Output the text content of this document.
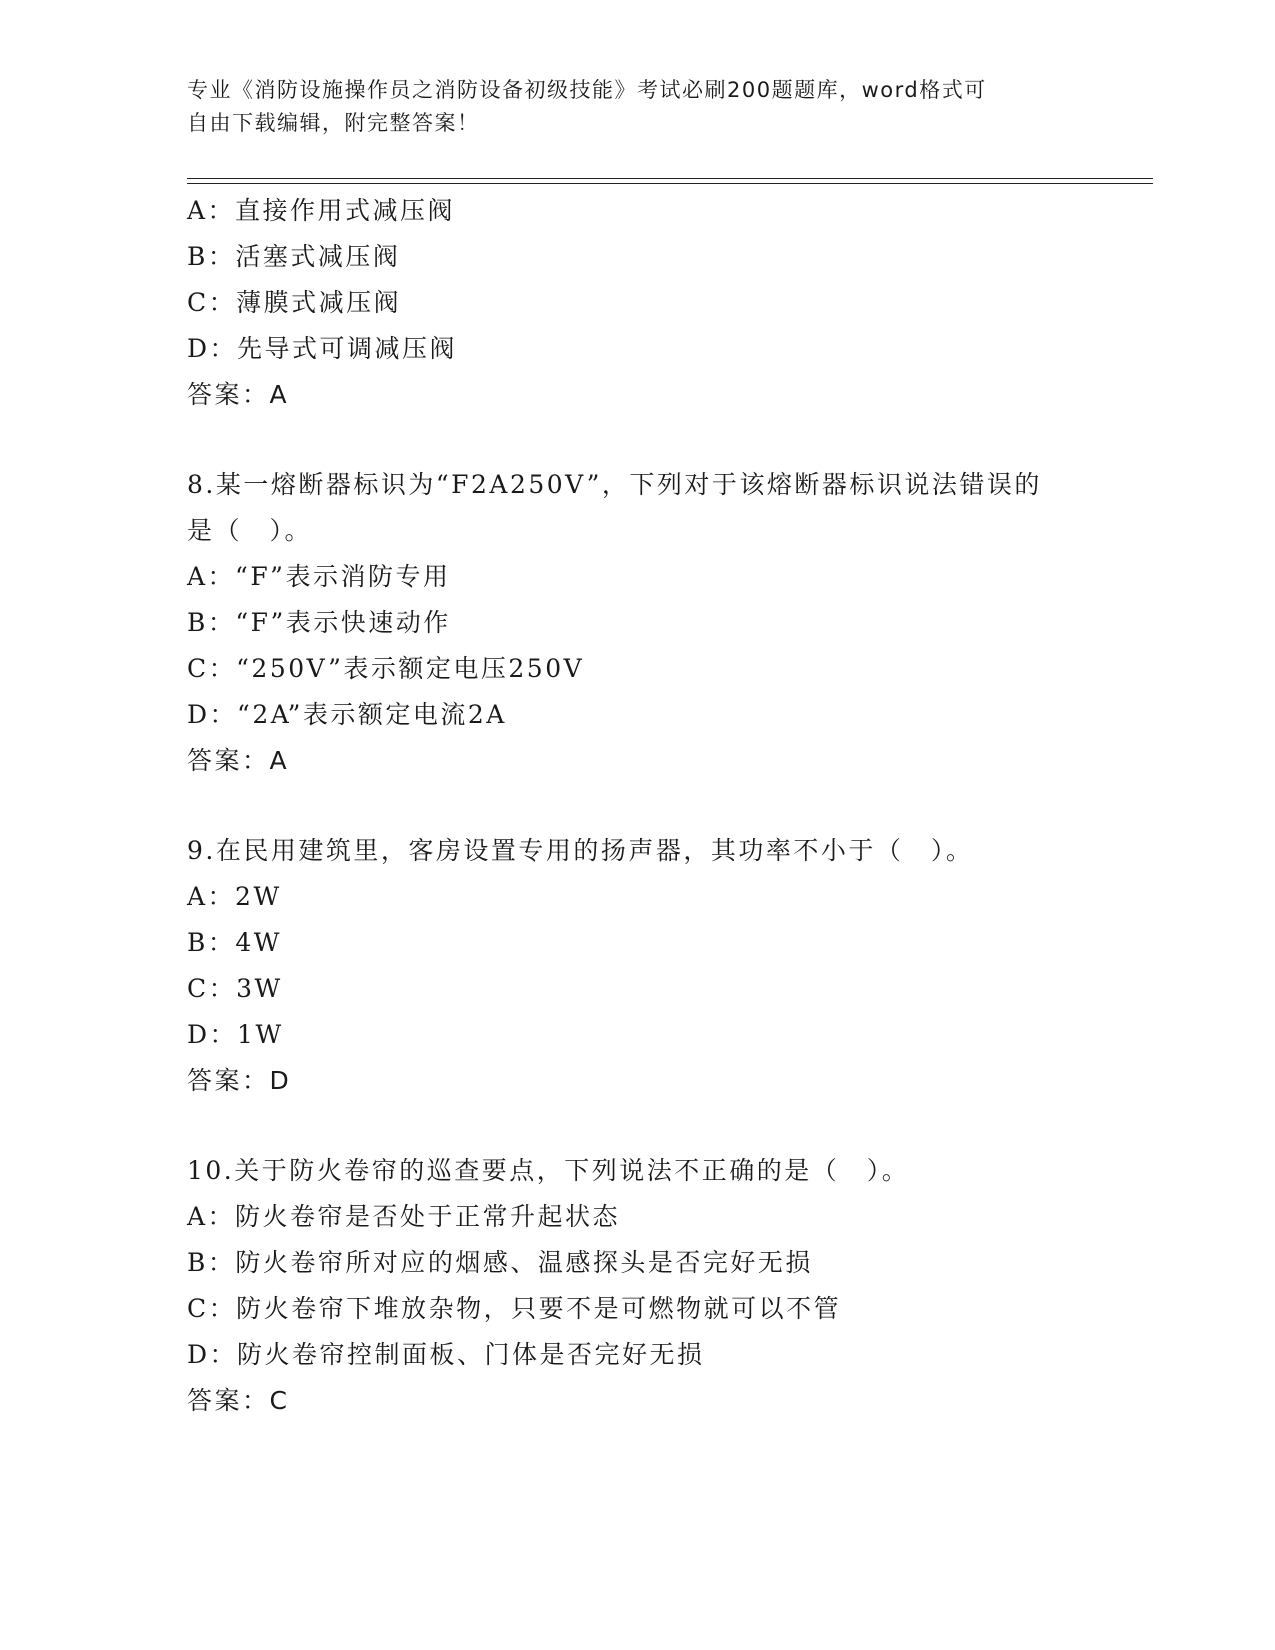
专业《消防设施操作员之消防设备初级技能》考试必刷200题题库，word格式可
自由下载编辑，附完整答案！
A：直接作用式减压阀
B：活塞式减压阀
C：薄膜式减压阀
D：先导式可调减压阀
答案：A
8.某一熔断器标识为“F2A250V”，下列对于该熔断器标识说法错误的
是（　）。
A：“F”表示消防专用
B：“F”表示快速动作
C：“250V”表示额定电压250V
D：“2A”表示额定电流2A
答案：A
9.在民用建筑里，客房设置专用的扬声器，其功率不小于（　）。
A：2W
B：4W
C：3W
D：1W
答案：D
10.关于防火卷帘的巡查要点，下列说法不正确的是（　）。
A：防火卷帘是否处于正常升起状态
B：防火卷帘所对应的烟感、温感探头是否完好无损
C：防火卷帘下堆放杂物，只要不是可燃物就可以不管
D：防火卷帘控制面板、门体是否完好无损
答案：C
